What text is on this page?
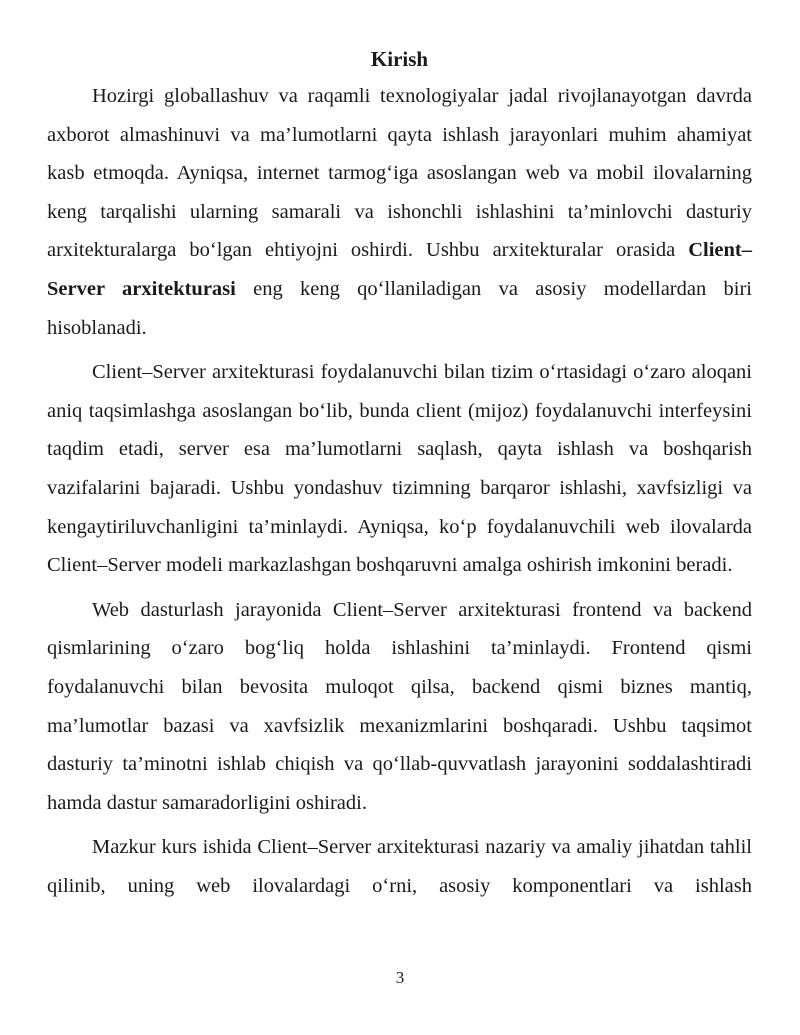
Kirish

Hozirgi globallashuv va raqamli texnologiyalar jadal rivojlanayotgan davrda axborot almashinuvi va ma’lumotlarni qayta ishlash jarayonlari muhim ahamiyat kasb etmoqda. Ayniqsa, internet tarmog‘iga asoslangan web va mobil ilovalarning keng tarqalishi ularning samarali va ishonchli ishlashini ta’minlovchi dasturiy arxitekturalarga bo‘lgan ehtiyojni oshirdi. Ushbu arxitekturalar orasida Client–Server arxitekturasi eng keng qo‘llaniladigan va asosiy modellardan biri hisoblanadi.

Client–Server arxitekturasi foydalanuvchi bilan tizim o‘rtasidagi o‘zaro aloqani aniq taqsimlashga asoslangan bo‘lib, bunda client (mijoz) foydalanuvchi interfeysini taqdim etadi, server esa ma’lumotlarni saqlash, qayta ishlash va boshqarish vazifalarini bajaradi. Ushbu yondashuv tizimning barqaror ishlashi, xavfsizligi va kengaytiriluvchanligini ta’minlaydi. Ayniqsa, ko‘p foydalanuvchili web ilovalarda Client–Server modeli markazlashgan boshqaruvni amalga oshirish imkonini beradi.

Web dasturlash jarayonida Client–Server arxitekturasi frontend va backend qismlarining o‘zaro bog‘liq holda ishlashini ta’minlaydi. Frontend qismi foydalanuvchi bilan bevosita muloqot qilsa, backend qismi biznes mantiq, ma’lumotlar bazasi va xavfsizlik mexanizmlarini boshqaradi. Ushbu taqsimot dasturiy ta’minotni ishlab chiqish va qo‘llab-quvvatlash jarayonini soddalashtiradi hamda dastur samaradorligini oshiradi.

Mazkur kurs ishida Client–Server arxitekturasi nazariy va amaliy jihatdan tahlil qilinib, uning web ilovalardagi o‘rni, asosiy komponentlari va ishlash

3
